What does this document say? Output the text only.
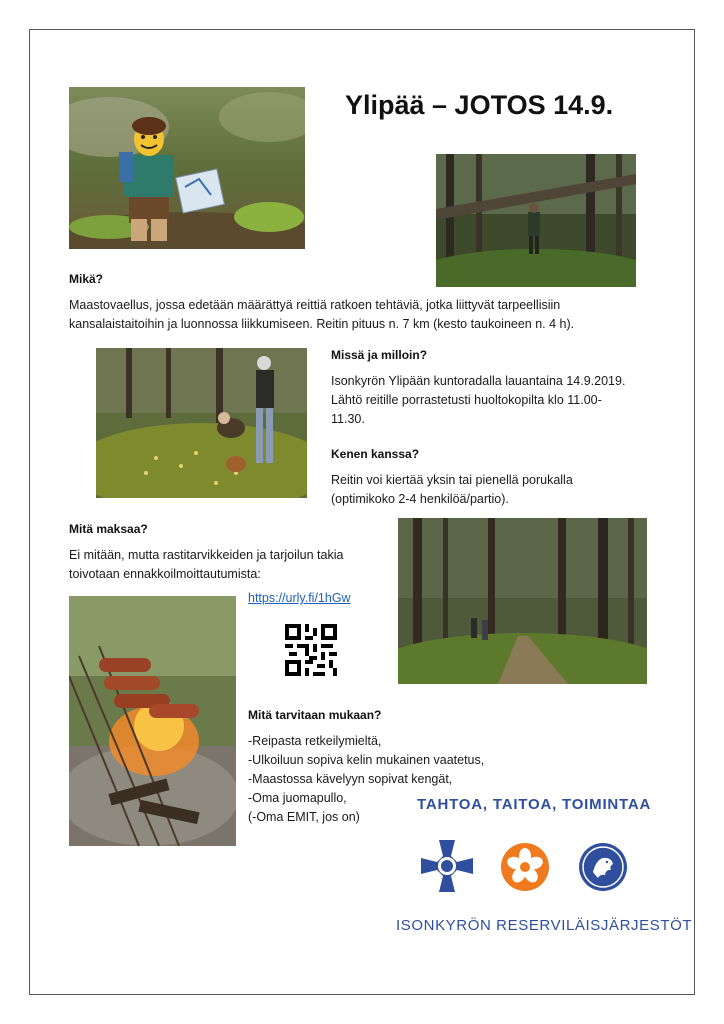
Ylipää – JOTOS 14.9.
Mikä?
Maastovaellus, jossa edetään määrättyä reittiä ratkoen tehtäviä, jotka liittyvät tarpeellisiin
kansalaistaitoihin ja luonnossa liikkumiseen. Reitin pituus n. 7 km (kesto taukoineen n. 4 h).
Missä ja milloin?
Isonkyrön Ylipään kuntoradalla lauantaina 14.9.2019.
Lähtö reitille porrastetusti huoltokopilta klo 11.00-
11.30.
Kenen kanssa?
Reitin voi kiertää yksin tai pienellä porukalla
(optimikoko 2-4 henkilöä/partio).
Mitä maksaa?
Ei mitään, mutta rastitarvikkeiden ja tarjoilun takia
toivotaan ennakkoilmoittautumista:
https://urly.fi/1hGw
Mitä tarvitaan mukaan?
-Reipasta retkeilymieltä,
-Ulkoiluun sopiva kelin mukainen vaatetus,
-Maastossa kävelyyn sopivat kengät,
-Oma juomapullo,
(-Oma EMIT, jos on)
TAHTOA, TAITOA, TOIMINTAA
ISONKYRÖN RESERVILÄISJÄRJESTÖT
